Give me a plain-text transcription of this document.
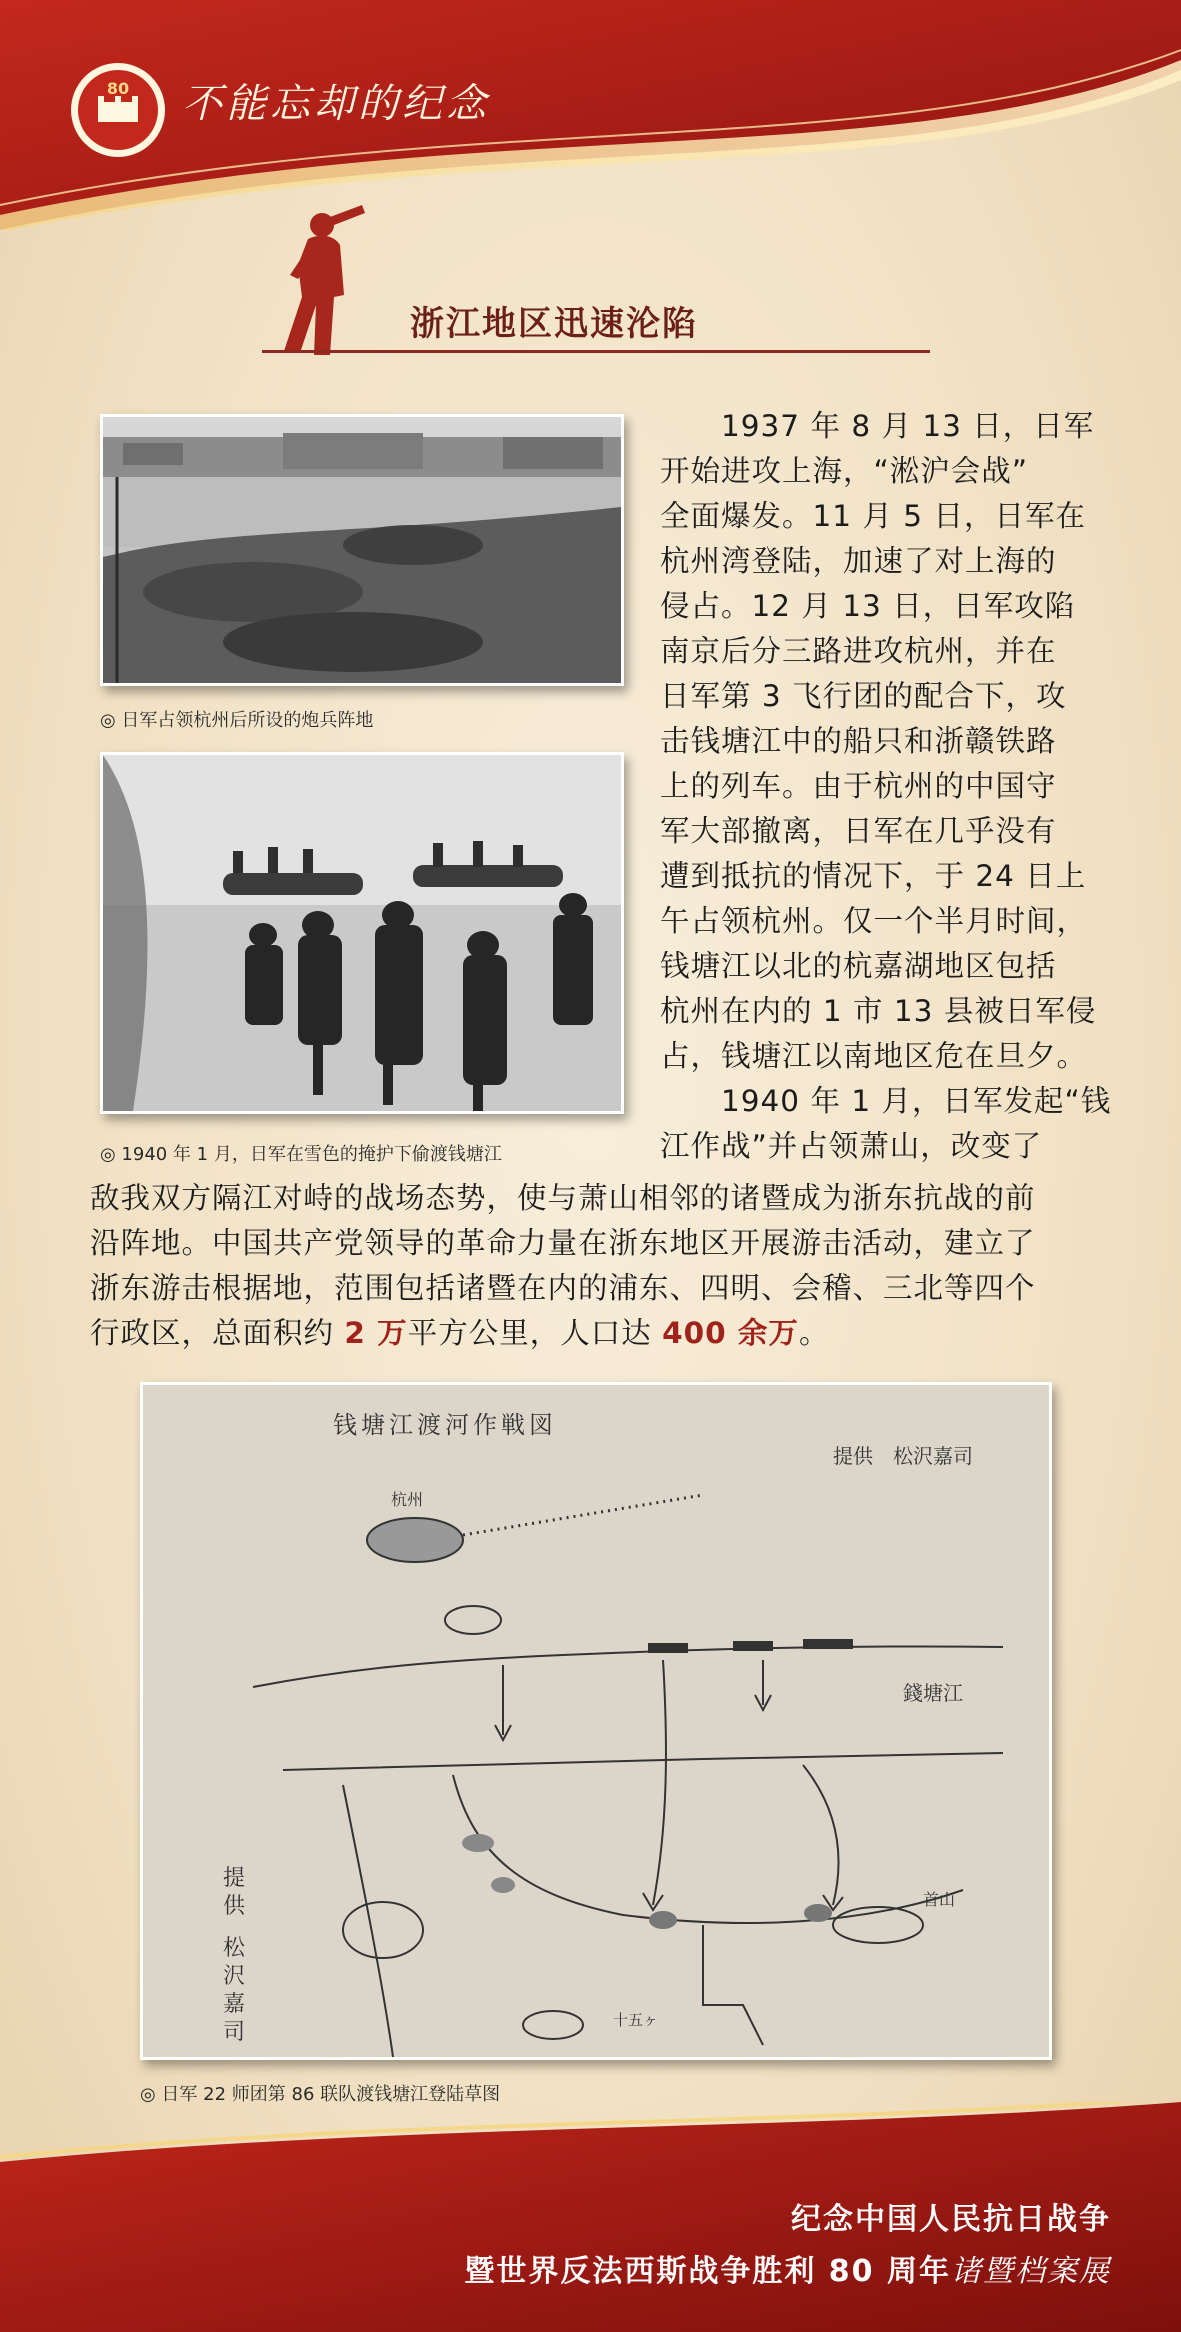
80 不能忘却的纪念
浙江地区迅速沦陷
◎ 日军占领杭州后所设的炮兵阵地
◎ 1940 年 1 月，日军在雪色的掩护下偷渡钱塘江
　　1937 年 8 月 13 日，日军
开始进攻上海，“淞沪会战”
全面爆发。11 月 5 日，日军在
杭州湾登陆，加速了对上海的
侵占。12 月 13 日，日军攻陷
南京后分三路进攻杭州，并在
日军第 3 飞行团的配合下，攻
击钱塘江中的船只和浙赣铁路
上的列车。由于杭州的中国守
军大部撤离，日军在几乎没有
遭到抵抗的情况下，于 24 日上
午占领杭州。仅一个半月时间，
钱塘江以北的杭嘉湖地区包括
杭州在内的 1 市 13 县被日军侵
占，钱塘江以南地区危在旦夕。
　　1940 年 1 月，日军发起“钱
江作战”并占领萧山，改变了
敌我双方隔江对峙的战场态势，使与萧山相邻的诸暨成为浙东抗战的前
沿阵地。中国共产党领导的革命力量在浙东地区开展游击活动，建立了
浙东游击根据地，范围包括诸暨在内的浦东、四明、会稽、三北等四个
行政区，总面积约 2 万平方公里，人口达 400 余万。
钱塘江渡河作戦図
提供　松沢嘉司
杭州
錢塘江
首山
提供松沢嘉司	十五ヶ
◎ 日军 22 师团第 86 联队渡钱塘江登陆草图
纪念中国人民抗日战争
暨世界反法西斯战争胜利 80 周年诸暨档案展
